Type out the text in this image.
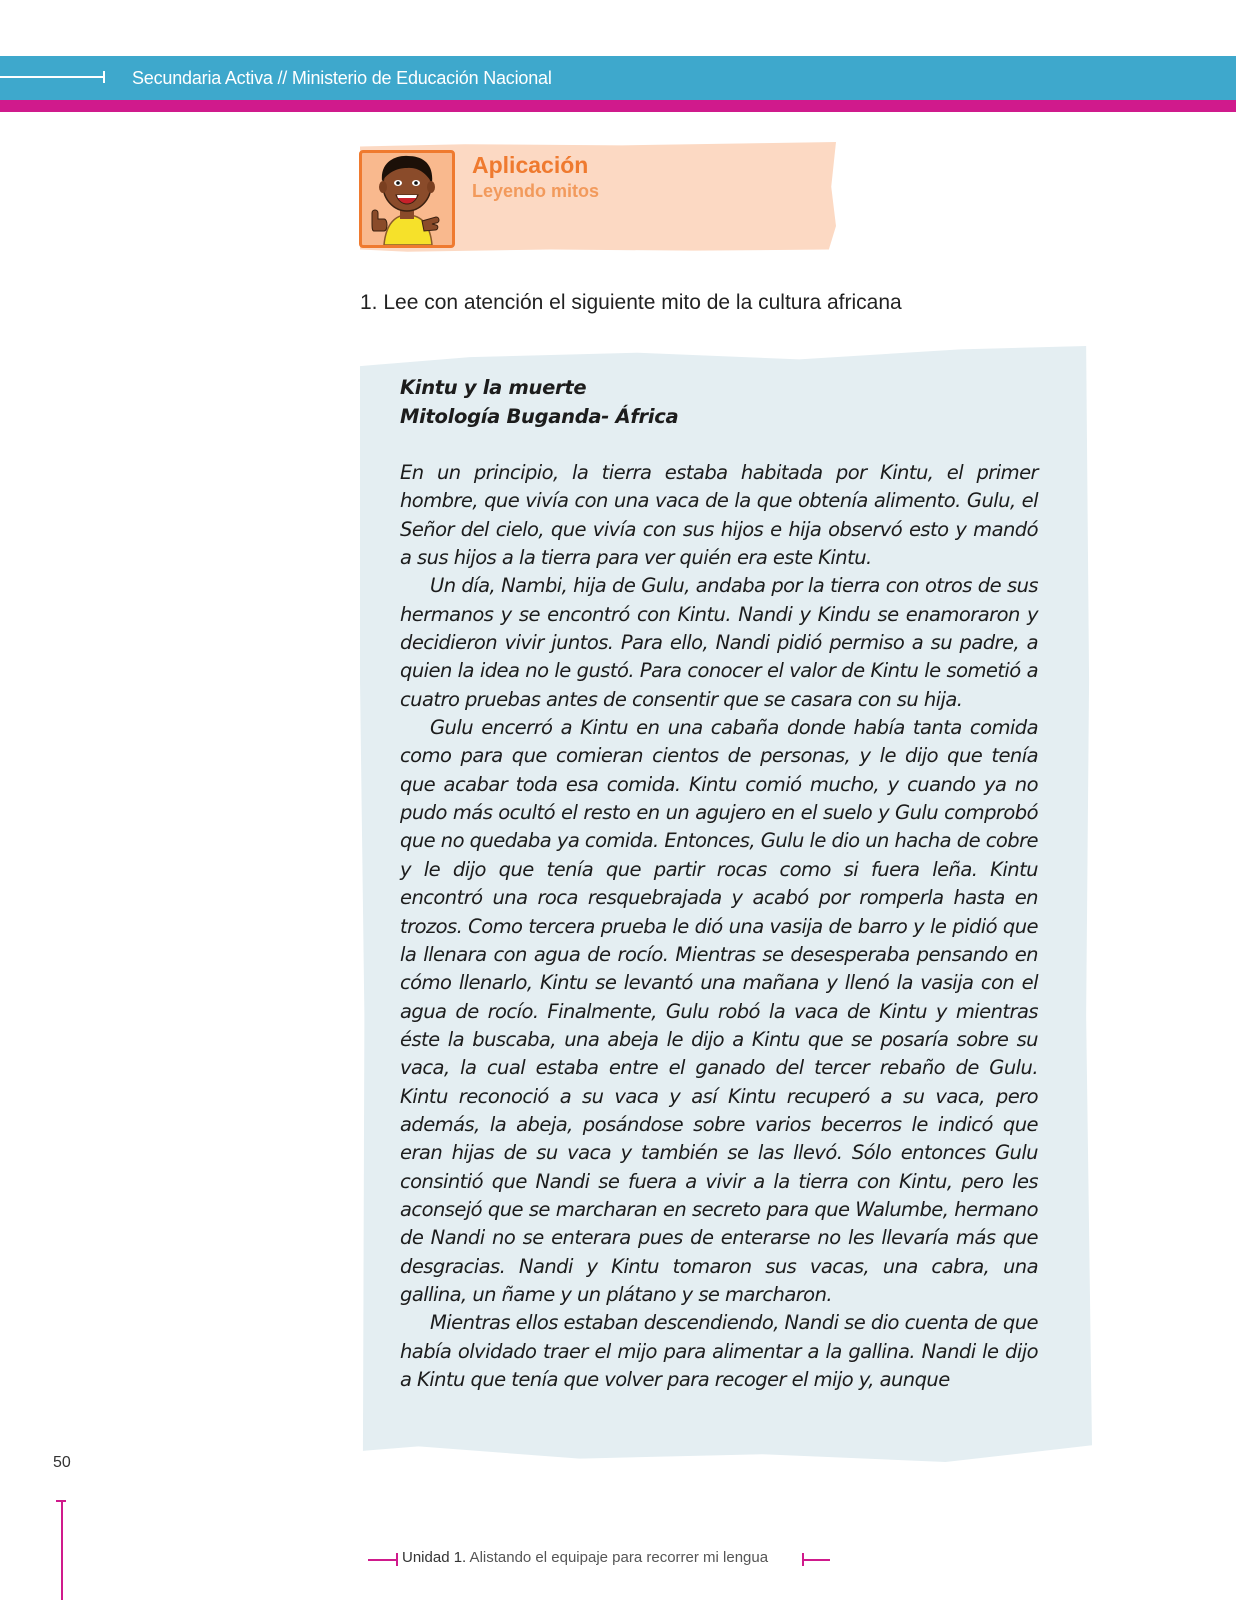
Secundaria Activa // Ministerio de Educación Nacional
Aplicación
Leyendo mitos
1. Lee con atención el siguiente mito de la cultura africana
Kintu y la muerte
Mitología Buganda- África

En un principio, la tierra estaba habitada por Kintu, el primer hombre, que vivía con una vaca de la que obtenía alimento. Gulu, el Señor del cielo, que vivía con sus hijos e hija observó esto y mandó a sus hijos a la tierra para ver quién era este Kintu.

Un día, Nambi, hija de Gulu, andaba por la tierra con otros de sus hermanos y se encontró con Kintu. Nandi y Kindu se enamoraron y decidieron vivir juntos. Para ello, Nandi pidió permiso a su padre, a quien la idea no le gustó. Para conocer el valor de Kintu le sometió a cuatro pruebas antes de consentir que se casara con su hija.

Gulu encerró a Kintu en una cabaña donde había tanta comida como para que comieran cientos de personas, y le dijo que tenía que acabar toda esa comida. Kintu comió mucho, y cuando ya no pudo más ocultó el resto en un agujero en el suelo y Gulu comprobó que no quedaba ya comida. Entonces, Gulu le dio un hacha de cobre y le dijo que tenía que partir rocas como si fuera leña. Kintu encontró una roca resquebrajada y acabó por romperla hasta en trozos. Como tercera prueba le dió una vasija de barro y le pidió que la llenara con agua de rocío. Mientras se desesperaba pensando en cómo llenarlo, Kintu se levantó una mañana y llenó la vasija con el agua de rocío. Finalmente, Gulu robó la vaca de Kintu y mientras éste la buscaba, una abeja le dijo a Kintu que se posaría sobre su vaca, la cual estaba entre el ganado del tercer rebaño de Gulu. Kintu reconoció a su vaca y así Kintu recuperó a su vaca, pero además, la abeja, posándose sobre varios becerros le indicó que eran hijas de su vaca y también se las llevó. Sólo entonces Gulu consintió que Nandi se fuera a vivir a la tierra con Kintu, pero les aconsejó que se marcharan en secreto para que Walumbe, hermano de Nandi no se enterara pues de enterarse no les llevaría más que desgracias. Nandi y Kintu tomaron sus vacas, una cabra, una gallina, un ñame y un plátano y se marcharon.

Mientras ellos estaban descendiendo, Nandi se dio cuenta de que había olvidado traer el mijo para alimentar a la gallina. Nandi le dijo a Kintu que tenía que volver para recoger el mijo y, aunque

50
Unidad 1. Alistando el equipaje para recorrer mi lengua
